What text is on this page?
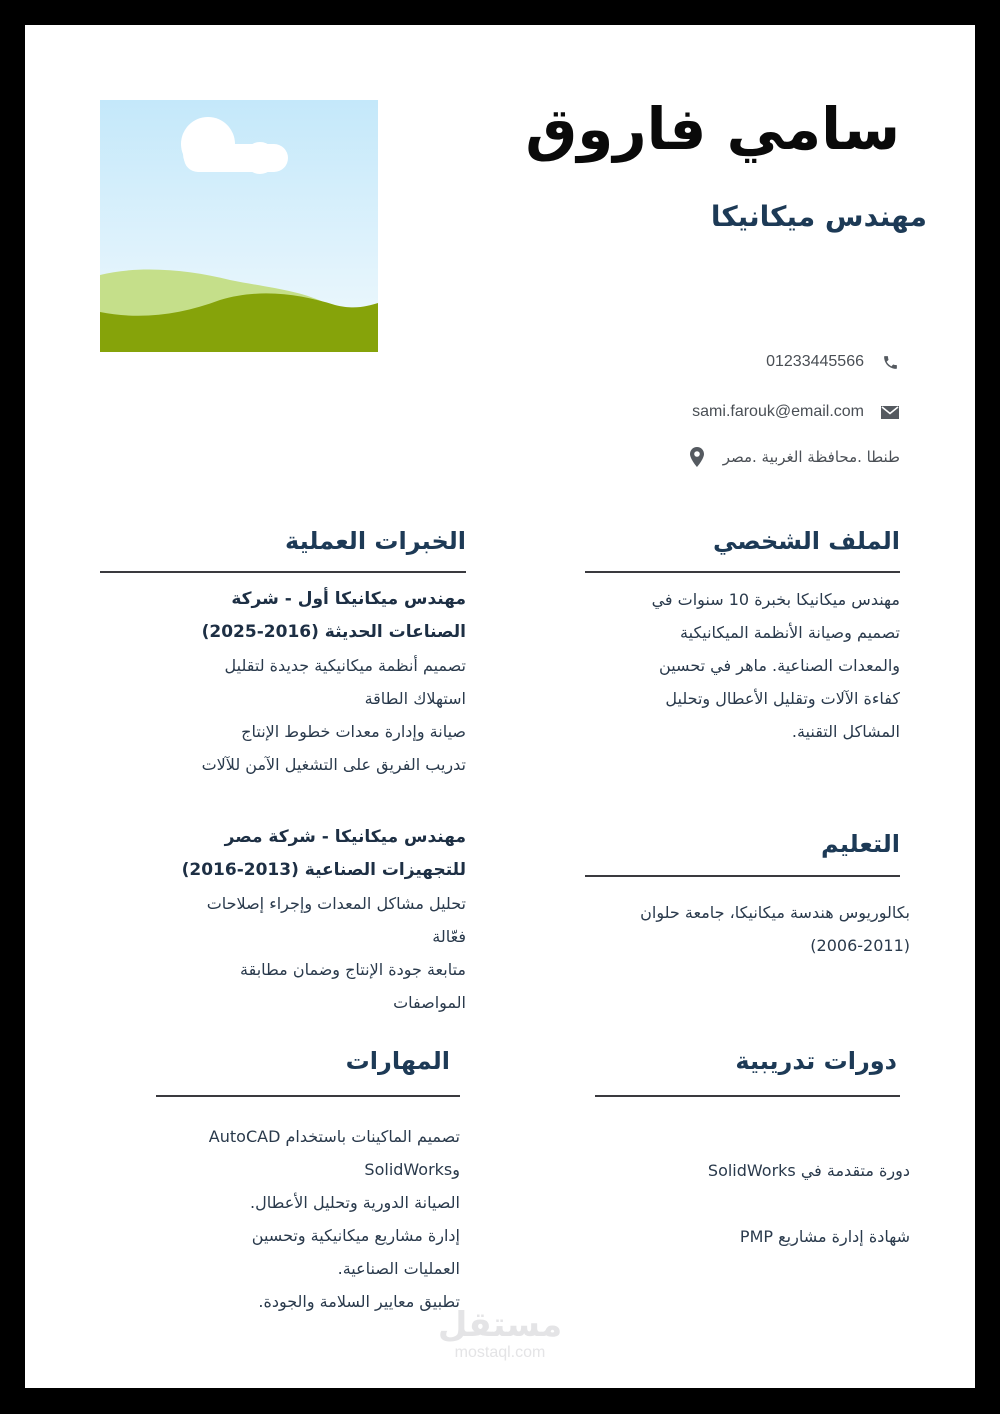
سامي فاروق
مهندس ميكانيكا
01233445566
sami.farouk@email.com
طنطا .محافظة الغربية .مصر
الملف الشخصي
مهندس ميكانيكا بخبرة 10 سنوات في
تصميم وصيانة الأنظمة الميكانيكية
والمعدات الصناعية. ماهر في تحسين
كفاءة الآلات وتقليل الأعطال وتحليل
المشاكل التقنية.
الخبرات العملية
مهندس ميكانيكا أول - شركة
الصناعات الحديثة (2016-2025)
تصميم أنظمة ميكانيكية جديدة لتقليل
استهلاك الطاقة
صيانة وإدارة معدات خطوط الإنتاج
تدريب الفريق على التشغيل الآمن للآلات
مهندس ميكانيكا - شركة مصر
للتجهيزات الصناعية (2013-2016)
تحليل مشاكل المعدات وإجراء إصلاحات
فعّالة
متابعة جودة الإنتاج وضمان مطابقة
المواصفات
التعليم
بكالوريوس هندسة ميكانيكا، جامعة حلوان
(2006-2011)
دورات تدريبية
دورة متقدمة في SolidWorks
شهادة إدارة مشاريع PMP
المهارات
تصميم الماكينات باستخدام AutoCAD
وSolidWorks
الصيانة الدورية وتحليل الأعطال.
إدارة مشاريع ميكانيكية وتحسين
العمليات الصناعية.
تطبيق معايير السلامة والجودة.
مستقل
mostaql.com
